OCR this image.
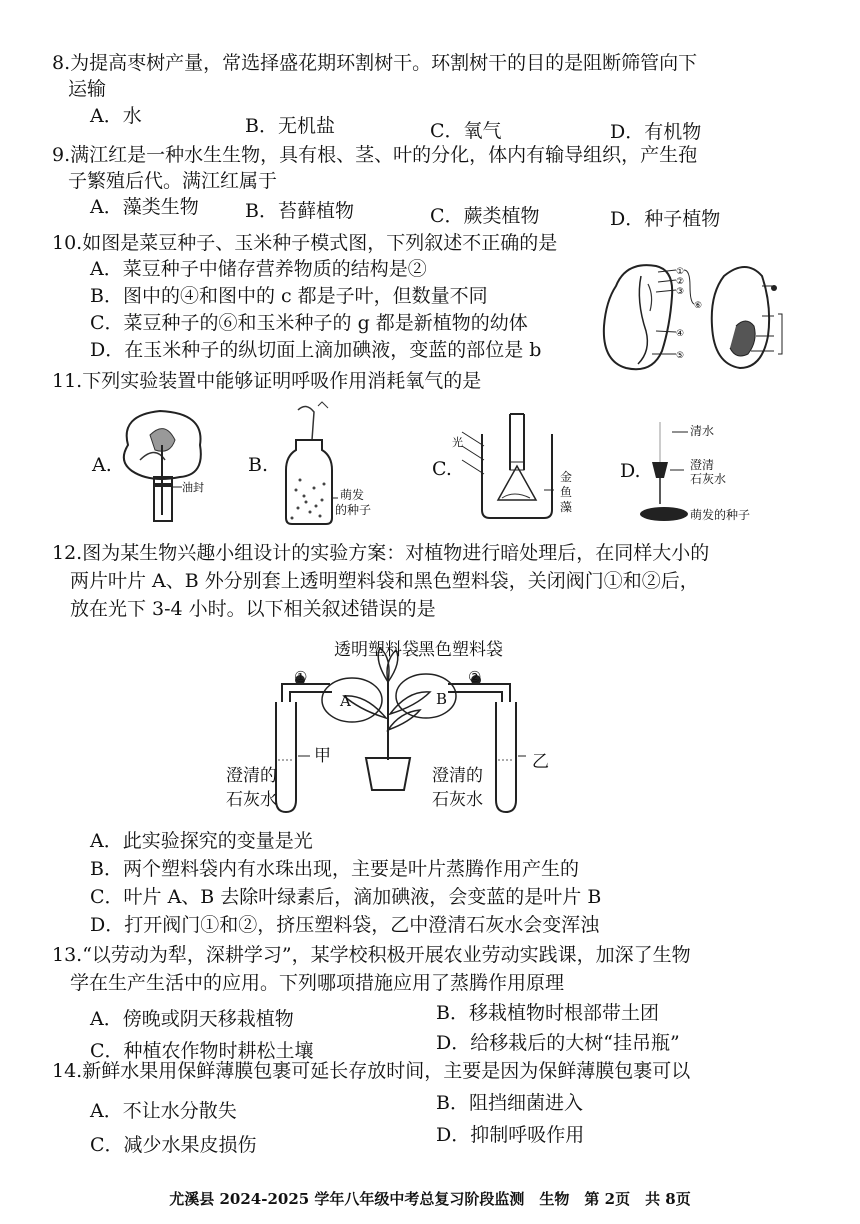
8.为提高枣树产量，常选择盛花期环割树干。环割树干的目的是阻断筛管向下
运输
A．水	B．无机盐	C．氧气	D．有机物
9.满江红是一种水生生物，具有根、茎、叶的分化，体内有输导组织，产生孢
子繁殖后代。满江红属于
A．藻类生物 B．苔藓植物	C．蕨类植物	D．种子植物
10.如图是菜豆种子、玉米种子模式图，下列叙述不正确的是
A．菜豆种子中储存营养物质的结构是②
B．图中的④和图中的 c 都是子叶，但数量不同
C．菜豆种子的⑥和玉米种子的 g 都是新植物的幼体
D．在玉米种子的纵切面上滴加碘液，变蓝的部位是 b
①
②
③
⑥
④
⑤
11.下列实验装置中能够证明呼吸作用消耗氧气的是
A.
油封
B.
萌发
的种子
C.
光
金
鱼
藻
D.
清水
澄清
石灰水
萌发的种子
12.图为某生物兴趣小组设计的实验方案：对植物进行暗处理后，在同样大小的
两片叶片 A、B 外分别套上透明塑料袋和黑色塑料袋，关闭阀门①和②后，
放在光下 3-4 小时。以下相关叙述错误的是
透明塑料袋 黑色塑料袋
①	②
A	B
甲	乙
澄清的
石灰水
澄清的
石灰水
A．此实验探究的变量是光
B．两个塑料袋内有水珠出现，主要是叶片蒸腾作用产生的
C．叶片 A、B 去除叶绿素后，滴加碘液，会变蓝的是叶片 B
D．打开阀门①和②，挤压塑料袋，乙中澄清石灰水会变浑浊
13.“以劳动为犁，深耕学习”，某学校积极开展农业劳动实践课，加深了生物
学在生产生活中的应用。下列哪项措施应用了蒸腾作用原理
A．傍晚或阴天移栽植物	B．移栽植物时根部带土团
C．种植农作物时耕松土壤	D．给移栽后的大树“挂吊瓶”
14.新鲜水果用保鲜薄膜包裹可延长存放时间，主要是因为保鲜薄膜包裹可以
A．不让水分散失	B．阻挡细菌进入
C．减少水果皮损伤	D．抑制呼吸作用
尤溪县 2024-2025 学年八年级中考总复习阶段监测　生物　第 2页　共 8页
